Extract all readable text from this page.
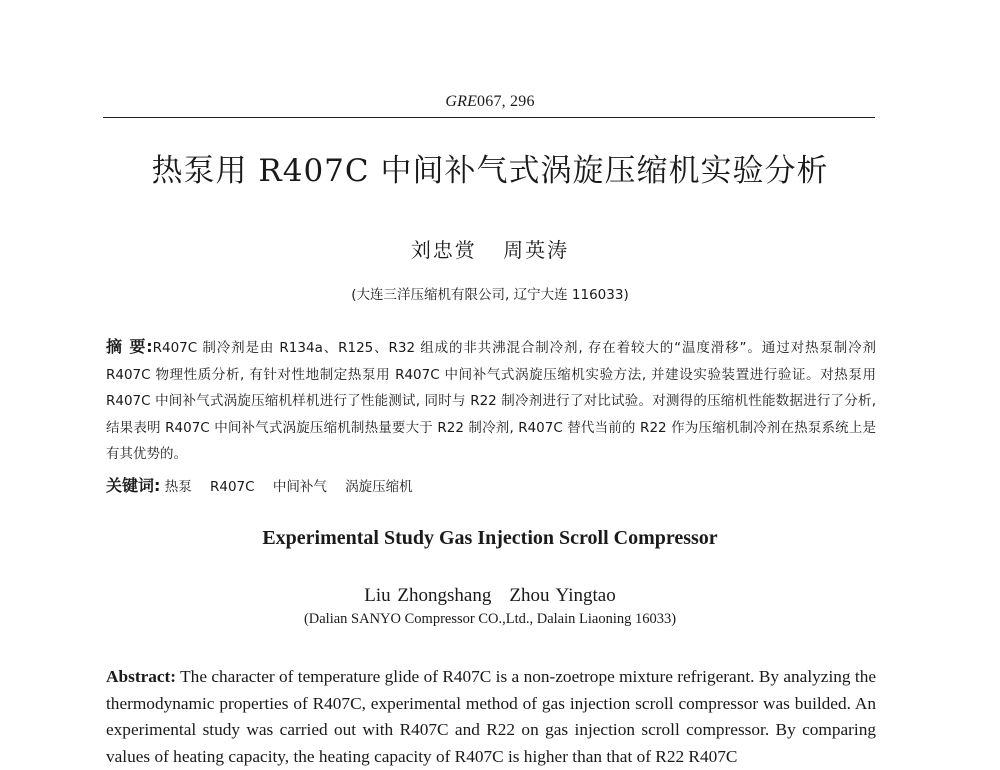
GRE067, 296
热泵用 R407C 中间补气式涡旋压缩机实验分析
刘忠赏 周英涛
(大连三洋压缩机有限公司, 辽宁大连 116033)
摘 要:R407C 制冷剂是由 R134a、R125、R32 组成的非共沸混合制冷剂, 存在着较大的“温度滑移”。通过对热泵制冷剂 R407C 物理性质分析, 有针对性地制定热泵用 R407C 中间补气式涡旋压缩机实验方法, 并建设实验装置进行验证。对热泵用 R407C 中间补气式涡旋压缩机样机进行了性能测试, 同时与 R22 制冷剂进行了对比试验。对测得的压缩机性能数据进行了分析, 结果表明 R407C 中间补气式涡旋压缩机制热量要大于 R22 制冷剂, R407C 替代当前的 R22 作为压缩机制冷剂在热泵系统上是有其优势的。
关键词: 热泵 R407C 中间补气 涡旋压缩机
Experimental Study Gas Injection Scroll Compressor
Liu Zhongshang Zhou Yingtao
(Dalian SANYO Compressor CO.,Ltd., Dalain Liaoning 16033)
Abstract: The character of temperature glide of R407C is a non-zoetrope mixture refrigerant. By analyzing the thermodynamic properties of R407C, experimental method of gas injection scroll compressor was builded. An experimental study was carried out with R407C and R22 on gas injection scroll compressor. By comparing values of heating capacity, the heating capacity of R407C is higher than that of R22 R407C
